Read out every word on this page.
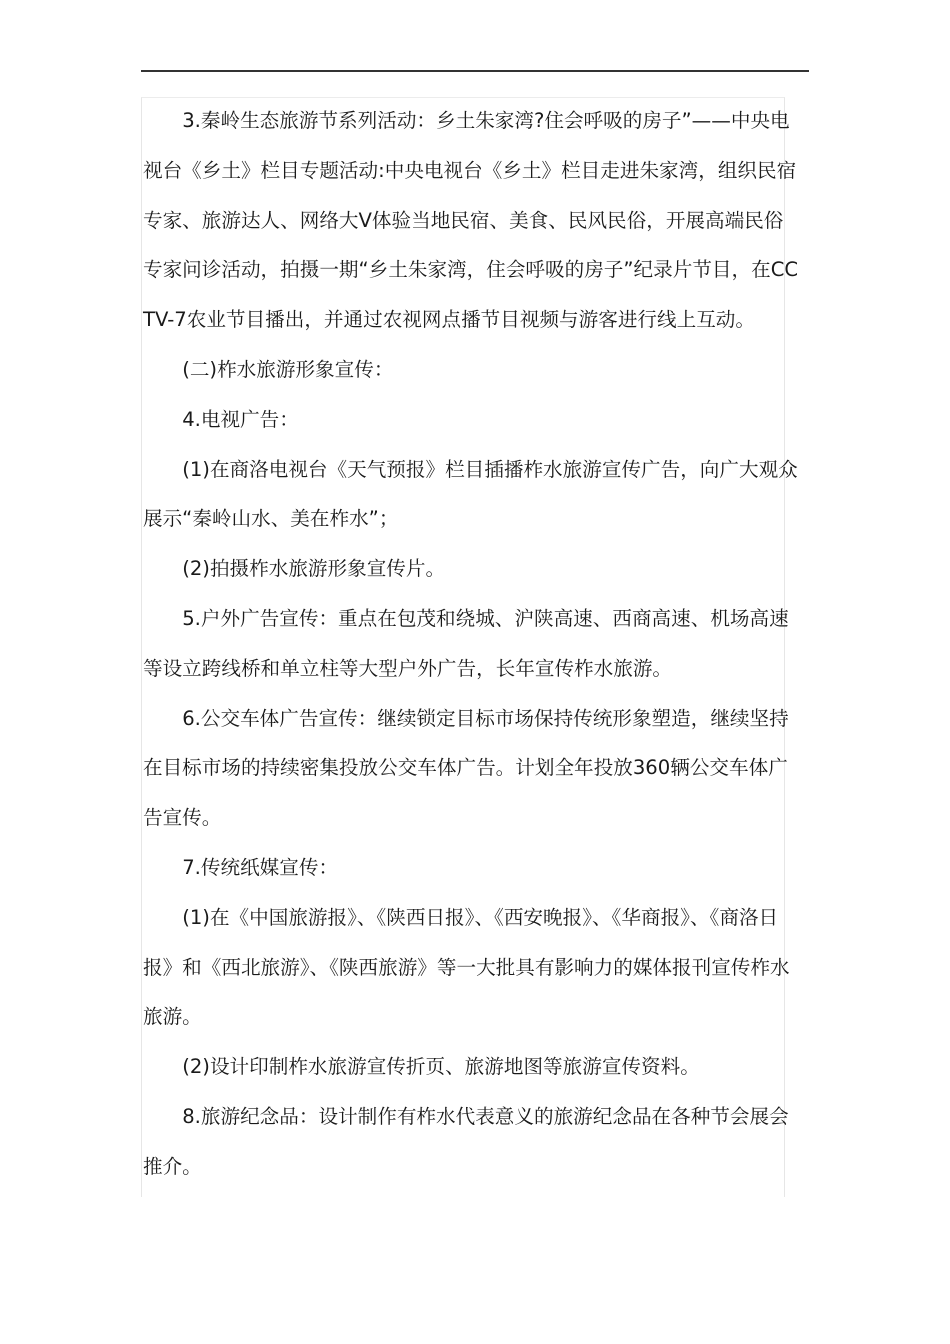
3.秦岭生态旅游节系列活动：乡土朱家湾?住会呼吸的房子”——中央电视台《乡土》栏目专题活动:中央电视台《乡土》栏目走进朱家湾，组织民宿专家、旅游达人、网络大V体验当地民宿、美食、民风民俗，开展高端民俗专家问诊活动，拍摄一期“乡土朱家湾，住会呼吸的房子”纪录片节目，在CCTV-7农业节目播出，并通过农视网点播节目视频与游客进行线上互动。

(二)柞水旅游形象宣传：

4.电视广告：

(1)在商洛电视台《天气预报》栏目插播柞水旅游宣传广告，向广大观众展示“秦岭山水、美在柞水”；

(2)拍摄柞水旅游形象宣传片。

5.户外广告宣传：重点在包茂和绕城、沪陕高速、西商高速、机场高速等设立跨线桥和单立柱等大型户外广告，长年宣传柞水旅游。

6.公交车体广告宣传：继续锁定目标市场保持传统形象塑造，继续坚持在目标市场的持续密集投放公交车体广告。计划全年投放360辆公交车体广告宣传。

7.传统纸媒宣传：

(1)在《中国旅游报》、《陕西日报》、《西安晚报》、《华商报》、《商洛日报》和《西北旅游》、《陕西旅游》等一大批具有影响力的媒体报刊宣传柞水旅游。

(2)设计印制柞水旅游宣传折页、旅游地图等旅游宣传资料。

8.旅游纪念品：设计制作有柞水代表意义的旅游纪念品在各种节会展会推介。
